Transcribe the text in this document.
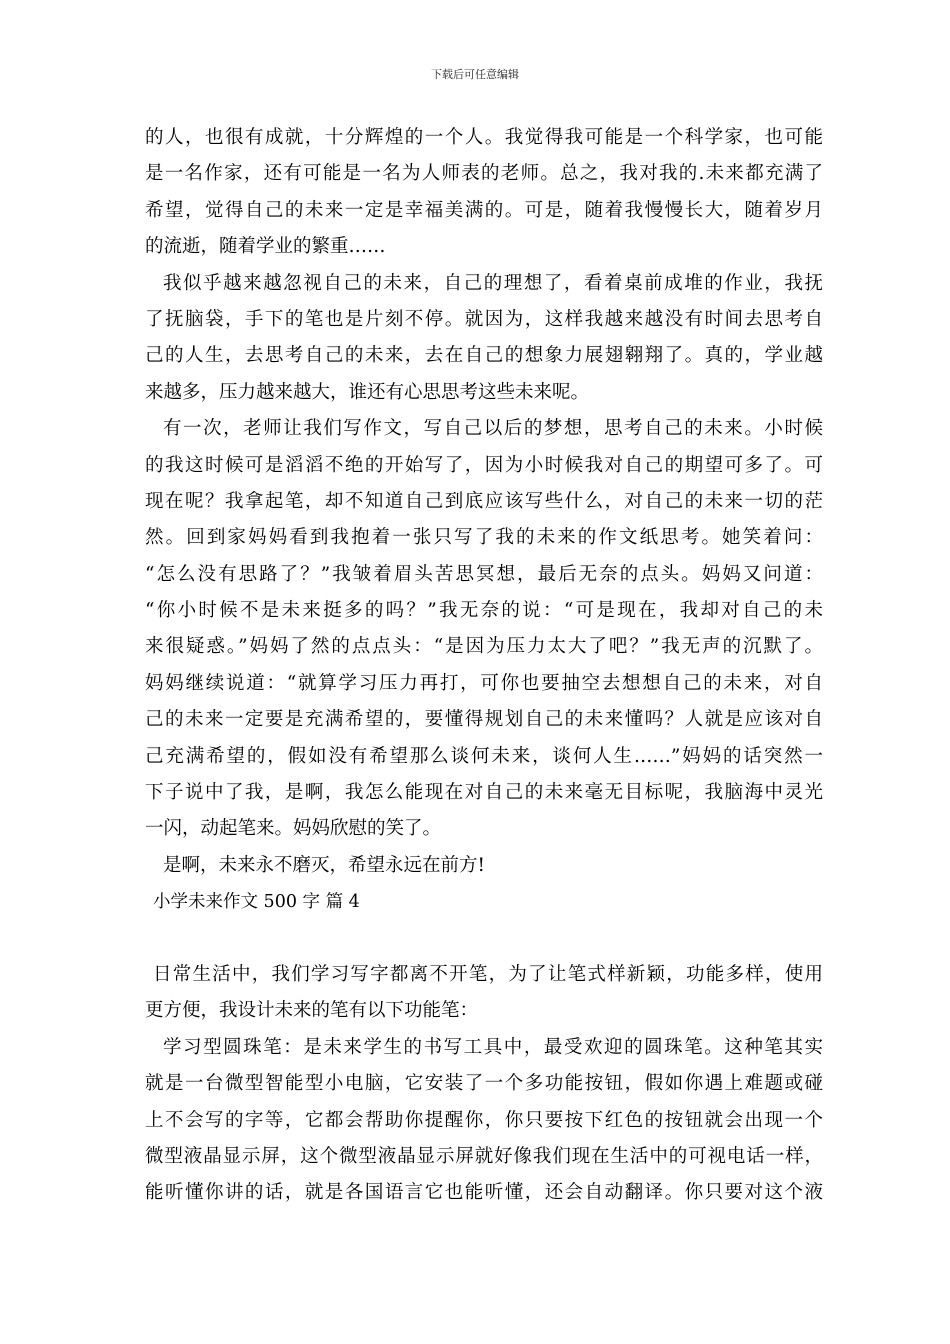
下载后可任意编辑
的人，也很有成就，十分辉煌的一个人。我觉得我可能是一个科学家，也可能
是一名作家，还有可能是一名为人师表的老师。总之，我对我的.未来都充满了
希望，觉得自己的未来一定是幸福美满的。可是，随着我慢慢长大，随着岁月
的流逝，随着学业的繁重……
我似乎越来越忽视自己的未来，自己的理想了，看着桌前成堆的作业，我抚
了抚脑袋，手下的笔也是片刻不停。就因为，这样我越来越没有时间去思考自
己的人生，去思考自己的未来，去在自己的想象力展翅翱翔了。真的，学业越
来越多，压力越来越大，谁还有心思思考这些未来呢。
有一次，老师让我们写作文，写自己以后的梦想，思考自己的未来。小时候
的我这时候可是滔滔不绝的开始写了，因为小时候我对自己的期望可多了。可
现在呢？我拿起笔，却不知道自己到底应该写些什么，对自己的未来一切的茫
然。回到家妈妈看到我抱着一张只写了我的未来的作文纸思考。她笑着问：
“怎么没有思路了？”我皱着眉头苦思冥想，最后无奈的点头。妈妈又问道：
“你小时候不是未来挺多的吗？”我无奈的说：“可是现在，我却对自己的未
来很疑惑。”妈妈了然的点点头：“是因为压力太大了吧？”我无声的沉默了。
妈妈继续说道：“就算学习压力再打，可你也要抽空去想想自己的未来，对自
己的未来一定要是充满希望的，要懂得规划自己的未来懂吗？人就是应该对自
己充满希望的，假如没有希望那么谈何未来，谈何人生……”妈妈的话突然一
下子说中了我，是啊，我怎么能现在对自己的未来毫无目标呢，我脑海中灵光
一闪，动起笔来。妈妈欣慰的笑了。
是啊，未来永不磨灭，希望永远在前方!
小学未来作文 500 字 篇 4
日常生活中，我们学习写字都离不开笔，为了让笔式样新颖，功能多样，使用
更方便，我设计未来的笔有以下功能笔：
学习型圆珠笔：是未来学生的书写工具中，最受欢迎的圆珠笔。这种笔其实
就是一台微型智能型小电脑，它安装了一个多功能按钮，假如你遇上难题或碰
上不会写的字等，它都会帮助你提醒你，你只要按下红色的按钮就会出现一个
微型液晶显示屏，这个微型液晶显示屏就好像我们现在生活中的可视电话一样，
能听懂你讲的话，就是各国语言它也能听懂，还会自动翻译。你只要对这个液
